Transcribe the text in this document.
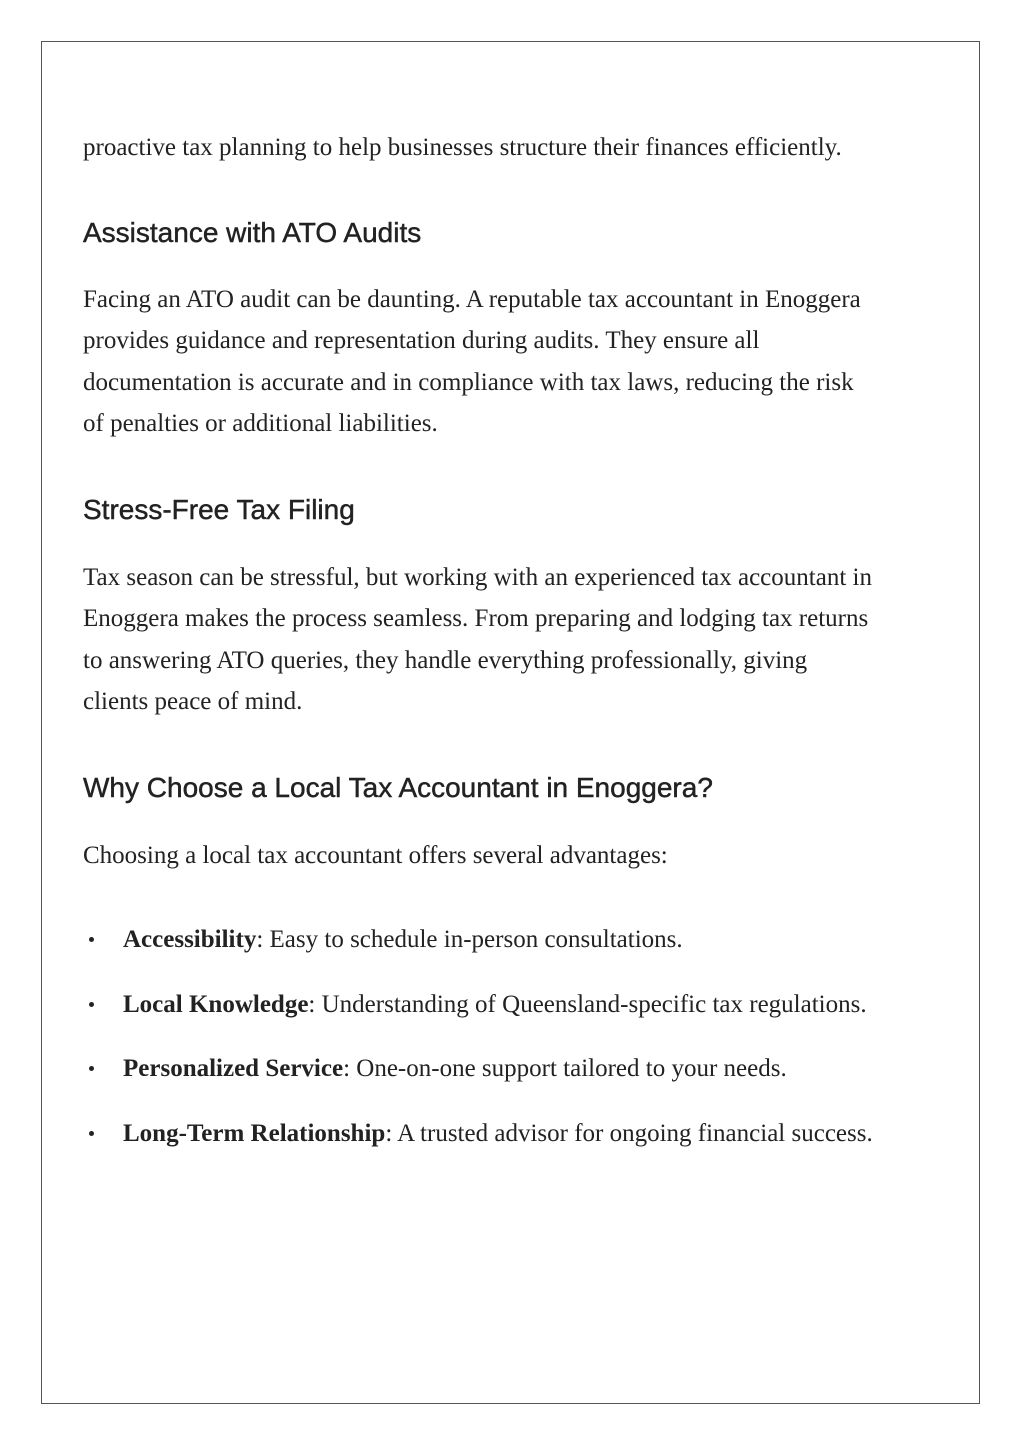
proactive tax planning to help businesses structure their finances efficiently.

Assistance with ATO Audits

Facing an ATO audit can be daunting. A reputable tax accountant in Enoggera provides guidance and representation during audits. They ensure all documentation is accurate and in compliance with tax laws, reducing the risk of penalties or additional liabilities.

Stress-Free Tax Filing

Tax season can be stressful, but working with an experienced tax accountant in Enoggera makes the process seamless. From preparing and lodging tax returns to answering ATO queries, they handle everything professionally, giving clients peace of mind.

Why Choose a Local Tax Accountant in Enoggera?

Choosing a local tax accountant offers several advantages:

Accessibility: Easy to schedule in-person consultations.
Local Knowledge: Understanding of Queensland-specific tax regulations.
Personalized Service: One-on-one support tailored to your needs.
Long-Term Relationship: A trusted advisor for ongoing financial success.
